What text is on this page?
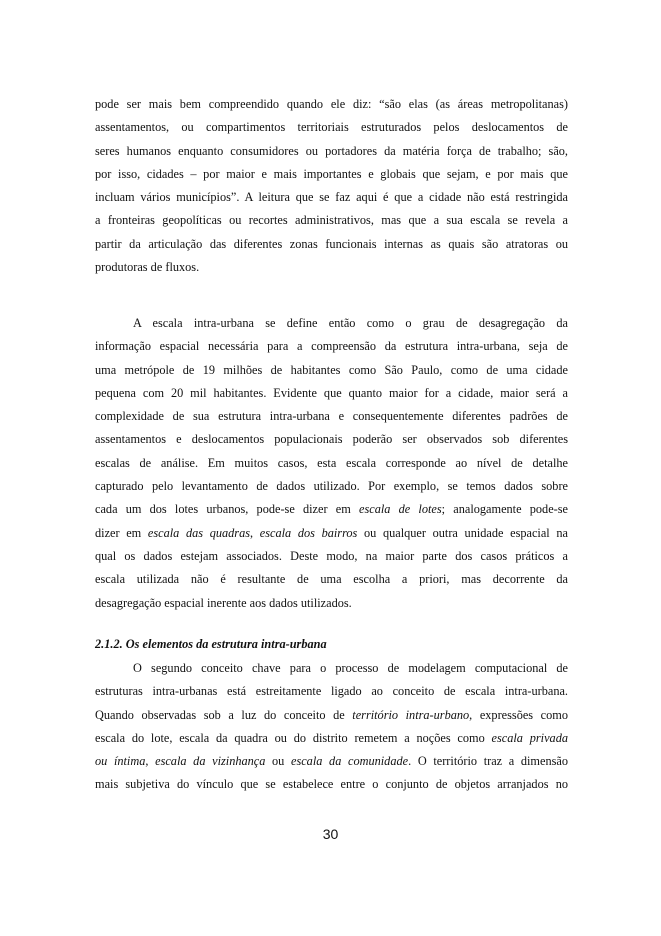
pode ser mais bem compreendido quando ele diz: “são elas (as áreas metropolitanas)
assentamentos, ou compartimentos territoriais estruturados pelos deslocamentos de
seres humanos enquanto consumidores ou portadores da matéria força de trabalho; são,
por isso, cidades – por maior e mais importantes e globais que sejam, e por mais que
incluam vários municípios”. A leitura que se faz aqui é que a cidade não está restringida
a fronteiras geopolíticas ou recortes administrativos, mas que a sua escala se revela a
partir da articulação das diferentes zonas funcionais internas as quais são atratoras ou
produtoras de fluxos.
A escala intra-urbana se define então como o grau de desagregação da
informação espacial necessária para a compreensão da estrutura intra-urbana, seja de
uma metrópole de 19 milhões de habitantes como São Paulo, como de uma cidade
pequena com 20 mil habitantes. Evidente que quanto maior for a cidade, maior será a
complexidade de sua estrutura intra-urbana e consequentemente diferentes padrões de
assentamentos e deslocamentos populacionais poderão ser observados sob diferentes
escalas de análise. Em muitos casos, esta escala corresponde ao nível de detalhe
capturado pelo levantamento de dados utilizado. Por exemplo, se temos dados sobre
cada um dos lotes urbanos, pode-se dizer em escala de lotes; analogamente pode-se
dizer em escala das quadras, escala dos bairros ou qualquer outra unidade espacial na
qual os dados estejam associados. Deste modo, na maior parte dos casos práticos a
escala utilizada não é resultante de uma escolha a priori, mas decorrente da
desagregação espacial inerente aos dados utilizados.
2.1.2. Os elementos da estrutura intra-urbana
O segundo conceito chave para o processo de modelagem computacional de
estruturas intra-urbanas está estreitamente ligado ao conceito de escala intra-urbana.
Quando observadas sob a luz do conceito de território intra-urbano, expressões como
escala do lote, escala da quadra ou do distrito remetem a noções como escala privada
ou íntima, escala da vizinhança ou escala da comunidade. O território traz a dimensão
mais subjetiva do vínculo que se estabelece entre o conjunto de objetos arranjados no
30
